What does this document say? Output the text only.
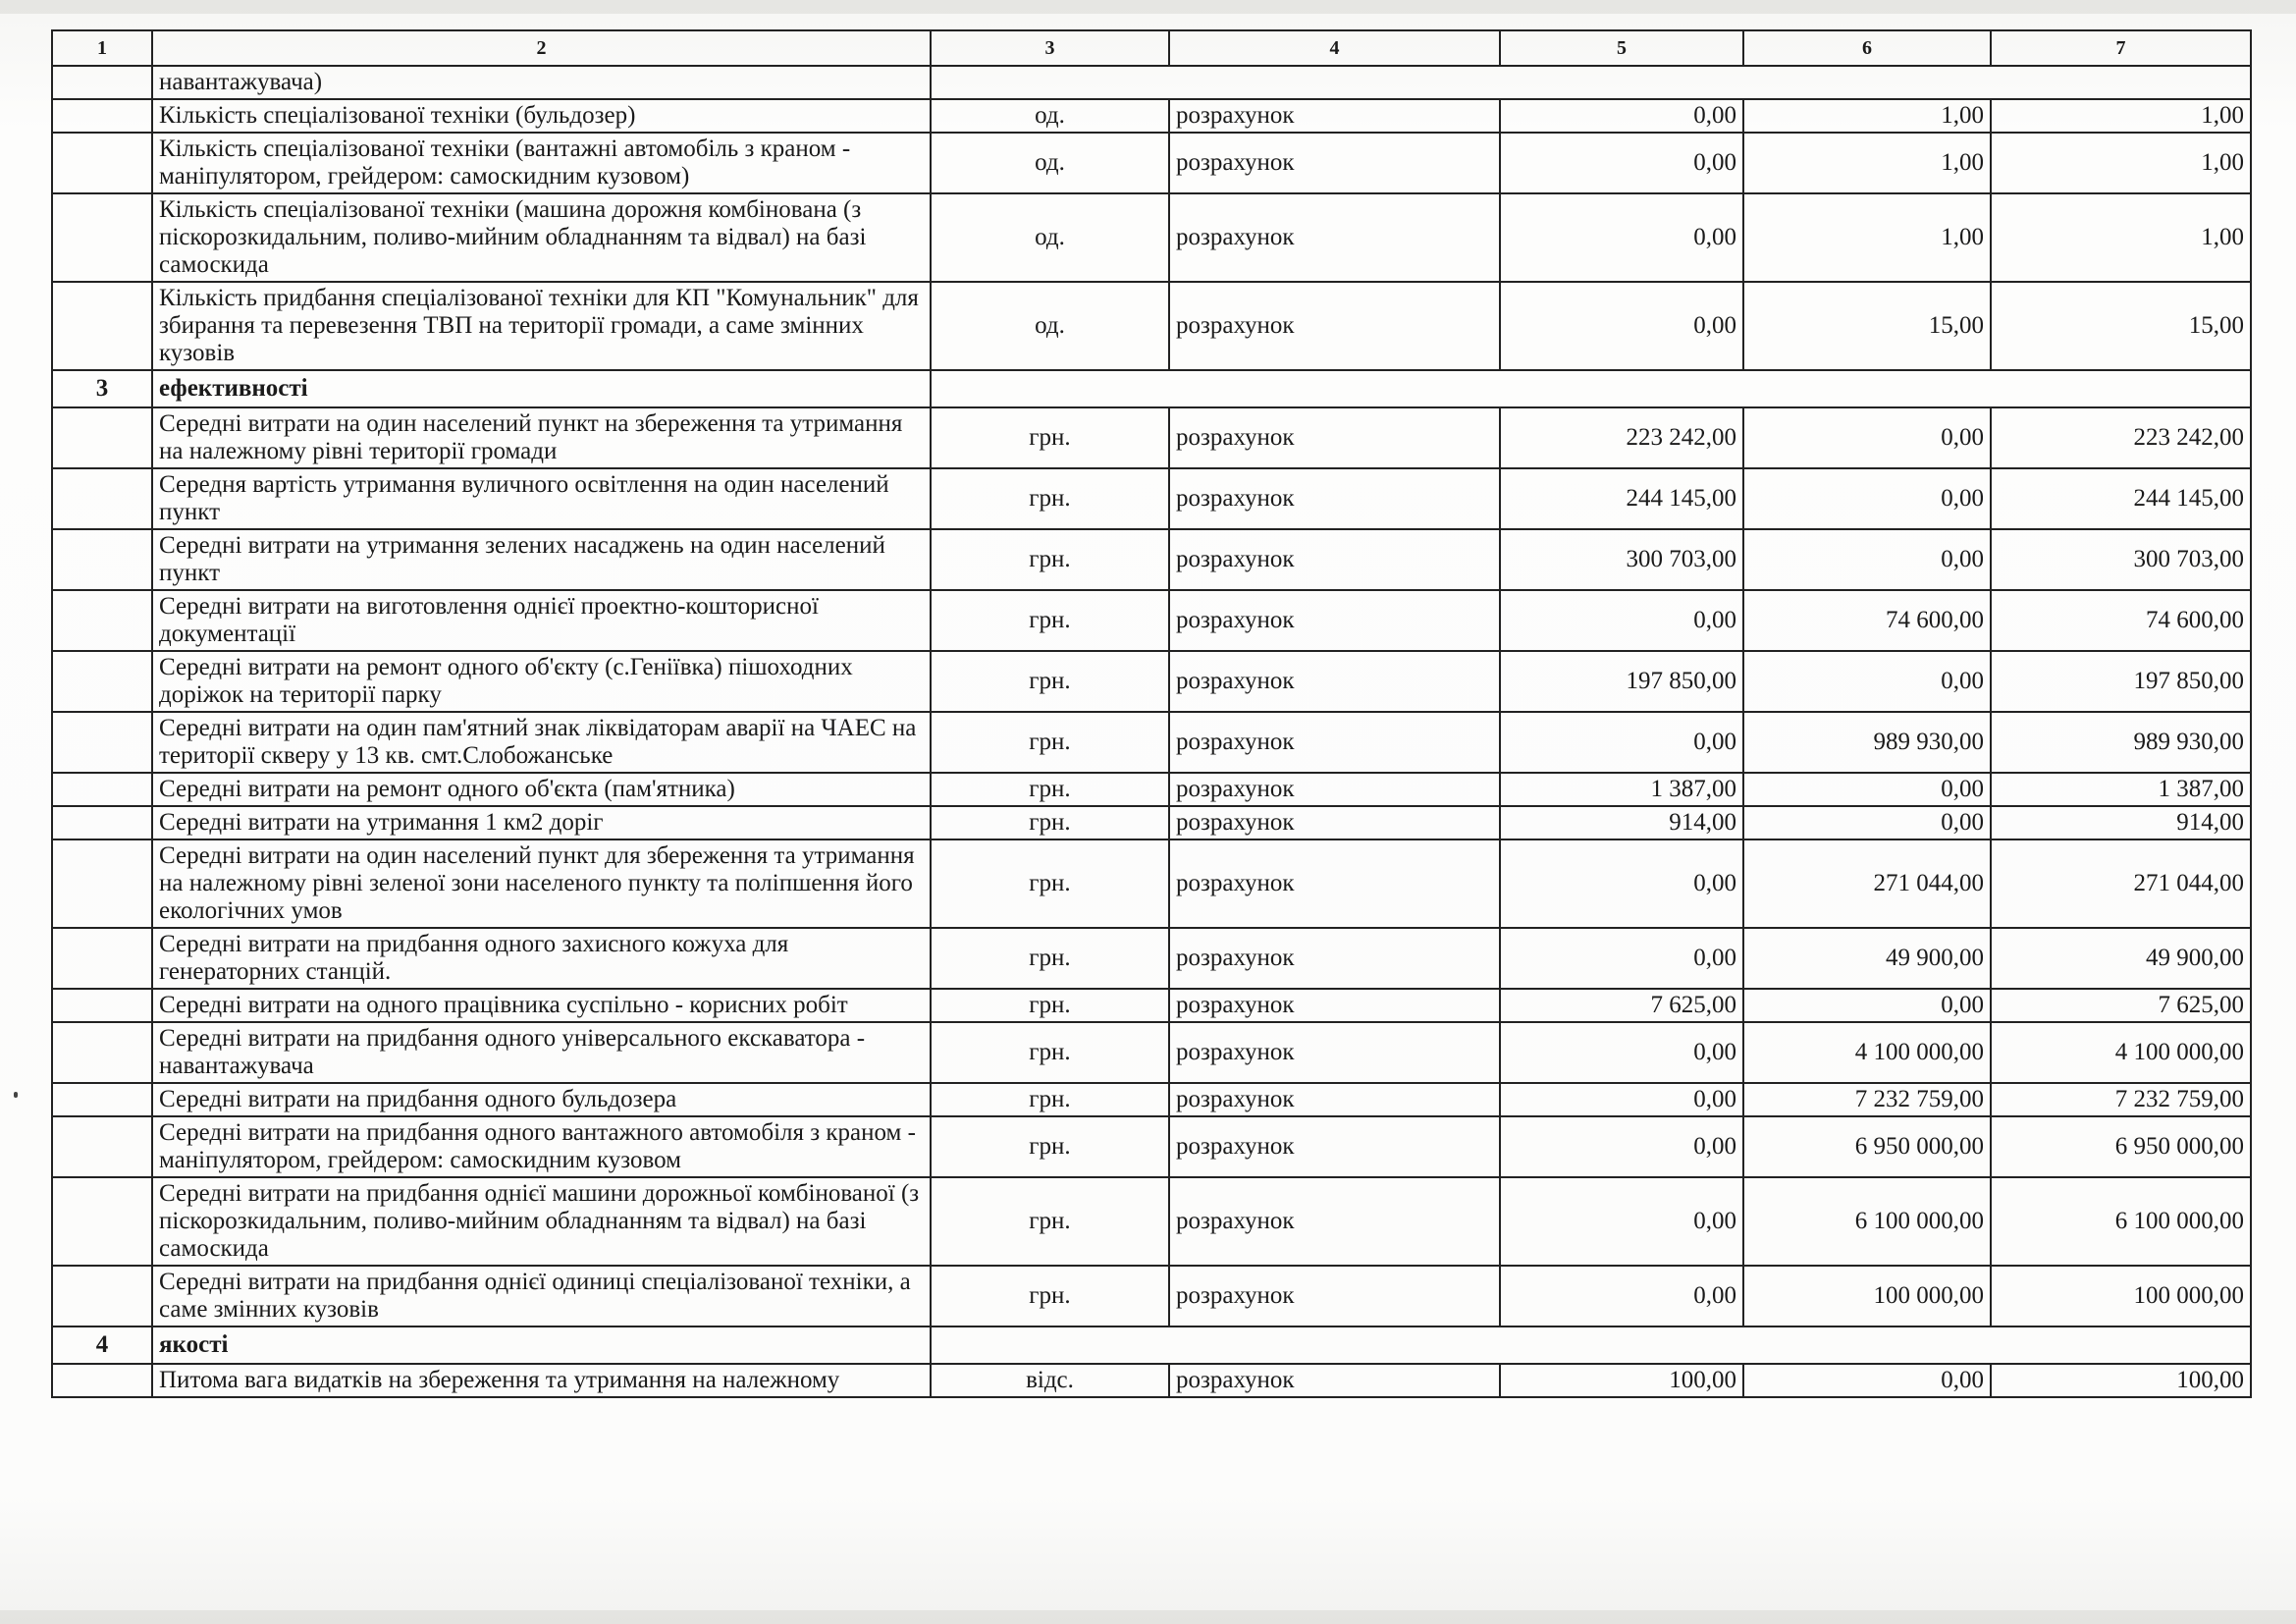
1	2	3	4	5	6	7
	навантажувача)					
	Кількість спеціалізованої техніки (бульдозер)	од.	розрахунок	0,00	1,00	1,00
	Кількість спеціалізованої техніки (вантажні автомобіль з краном - маніпулятором, грейдером: самоскидним кузовом)	од.	розрахунок	0,00	1,00	1,00
	Кількість спеціалізованої техніки (машина дорожня комбінована (з піскорозкидальним, поливо-мийним обладнанням та відвал) на базі самоскида	од.	розрахунок	0,00	1,00	1,00
	Кількість придбання спеціалізованої техніки для КП "Комунальник" для збирання та перевезення ТВП на території громади, а саме змінних кузовів	од.	розрахунок	0,00	15,00	15,00
3	ефективності					
	Середні витрати на один населений пункт на збереження та утримання на належному рівні території громади	грн.	розрахунок	223 242,00	0,00	223 242,00
	Середня вартість утримання вуличного освітлення на один населений пункт	грн.	розрахунок	244 145,00	0,00	244 145,00
	Середні витрати на утримання зелених насаджень на один населений пункт	грн.	розрахунок	300 703,00	0,00	300 703,00
	Середні витрати на виготовлення однієї проектно-кошторисної документації	грн.	розрахунок	0,00	74 600,00	74 600,00
	Середні витрати на ремонт одного об'єкту (с.Геніївка) пішоходних доріжок на території парку	грн.	розрахунок	197 850,00	0,00	197 850,00
	Середні витрати на один пам'ятний знак ліквідаторам аварії на ЧАЕС на території скверу у 13 кв. смт.Слобожанське	грн.	розрахунок	0,00	989 930,00	989 930,00
	Середні витрати на ремонт одного об'єкта (пам'ятника)	грн.	розрахунок	1 387,00	0,00	1 387,00
	Середні витрати на утримання 1 км2 доріг	грн.	розрахунок	914,00	0,00	914,00
	Середні витрати на один населений пункт для збереження та утримання на належному рівні зеленої зони населеного пункту та поліпшення його екологічних умов	грн.	розрахунок	0,00	271 044,00	271 044,00
	Середні витрати на придбання одного захисного кожуха для генераторних станцій.	грн.	розрахунок	0,00	49 900,00	49 900,00
	Середні витрати на одного працівника суспільно - корисних робіт	грн.	розрахунок	7 625,00	0,00	7 625,00
	Середні витрати на придбання одного універсального екскаватора - навантажувача	грн.	розрахунок	0,00	4 100 000,00	4 100 000,00
	Середні витрати на придбання одного бульдозера	грн.	розрахунок	0,00	7 232 759,00	7 232 759,00
	Середні витрати на придбання одного вантажного автомобіля з краном - маніпулятором, грейдером: самоскидним кузовом	грн.	розрахунок	0,00	6 950 000,00	6 950 000,00
	Середні витрати на придбання однієї машини дорожньої комбінованої (з піскорозкидальним, поливо-мийним обладнанням та відвал) на базі самоскида	грн.	розрахунок	0,00	6 100 000,00	6 100 000,00
	Середні витрати на придбання однієї одиниці спеціалізованої техніки, а саме змінних кузовів	грн.	розрахунок	0,00	100 000,00	100 000,00
4	якості					
	Питома вага видатків на збереження та утримання на належному	відс.	розрахунок	100,00	0,00	100,00
